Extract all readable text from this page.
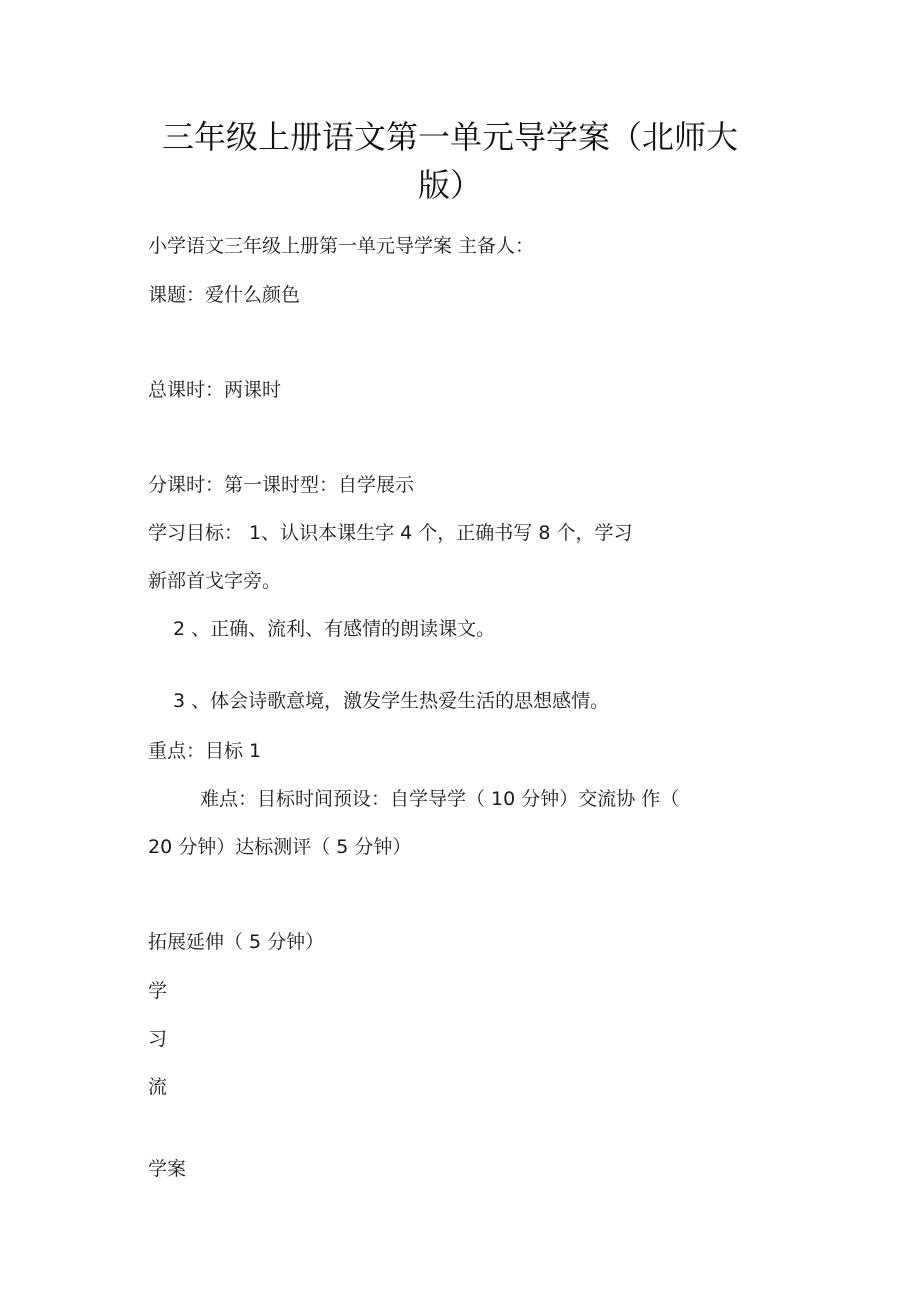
三年级上册语文第一单元导学案（北师大
版）
小学语文三年级上册第一单元导学案 主备人：
课题：爱什么颜色
总课时：两课时
分课时：第一课时型：自学展示
学习目标： 1、认识本课生字 4 个，正确书写 8 个，学习
新部首戈字旁。
2 、正确、流利、有感情的朗读课文。
3 、体会诗歌意境，激发学生热爱生活的思想感情。
重点：目标 1
难点：目标时间预设：自学导学（ 10 分钟）交流协 作（
20 分钟）达标测评（ 5 分钟）
拓展延伸（ 5 分钟）
学
习
流
学案
